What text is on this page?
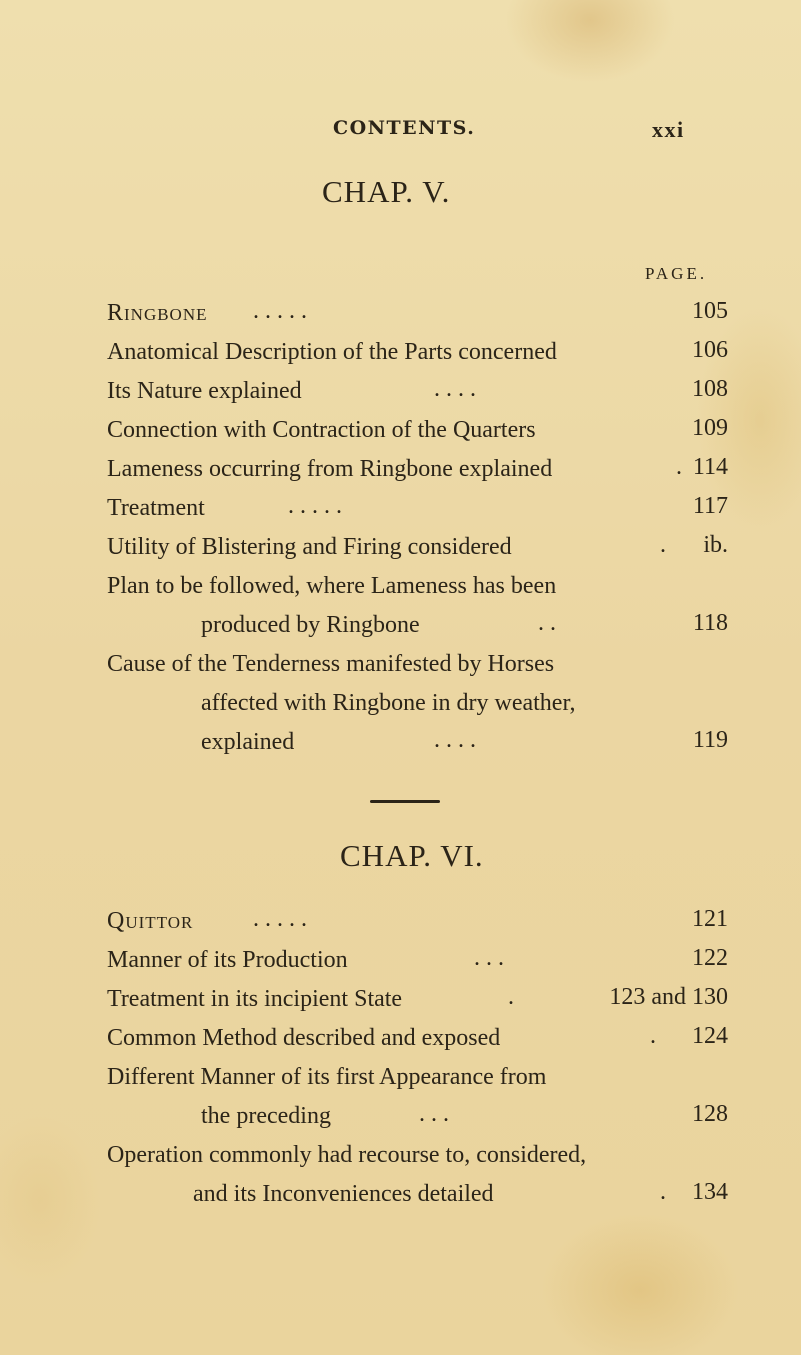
CONTENTS.	xxi
CHAP. V.
PAGE.
Ringbone . . . . .	105
Anatomical Description of the Parts concerned	106
Its Nature explained	. . . .	108
Connection with Contraction of the Quarters	109
Lameness occurring from Ringbone explained	. 114
Treatment	. . . . .	117
Utility of Blistering and Firing considered	.	ib.
Plan to be followed, where Lameness has been
produced by Ringbone	. .	118
Cause of the Tenderness manifested by Horses
affected with Ringbone in dry weather,
explained	. . . .	119
CHAP. VI.
Quittor . . . . .	121
Manner of its Production	. . .	122
Treatment in its incipient State	.	123 and 130
Common Method described and exposed	.	124
Different Manner of its first Appearance from
the preceding	. . .	128
Operation commonly had recourse to, considered,
and its Inconveniences detailed	.	134
